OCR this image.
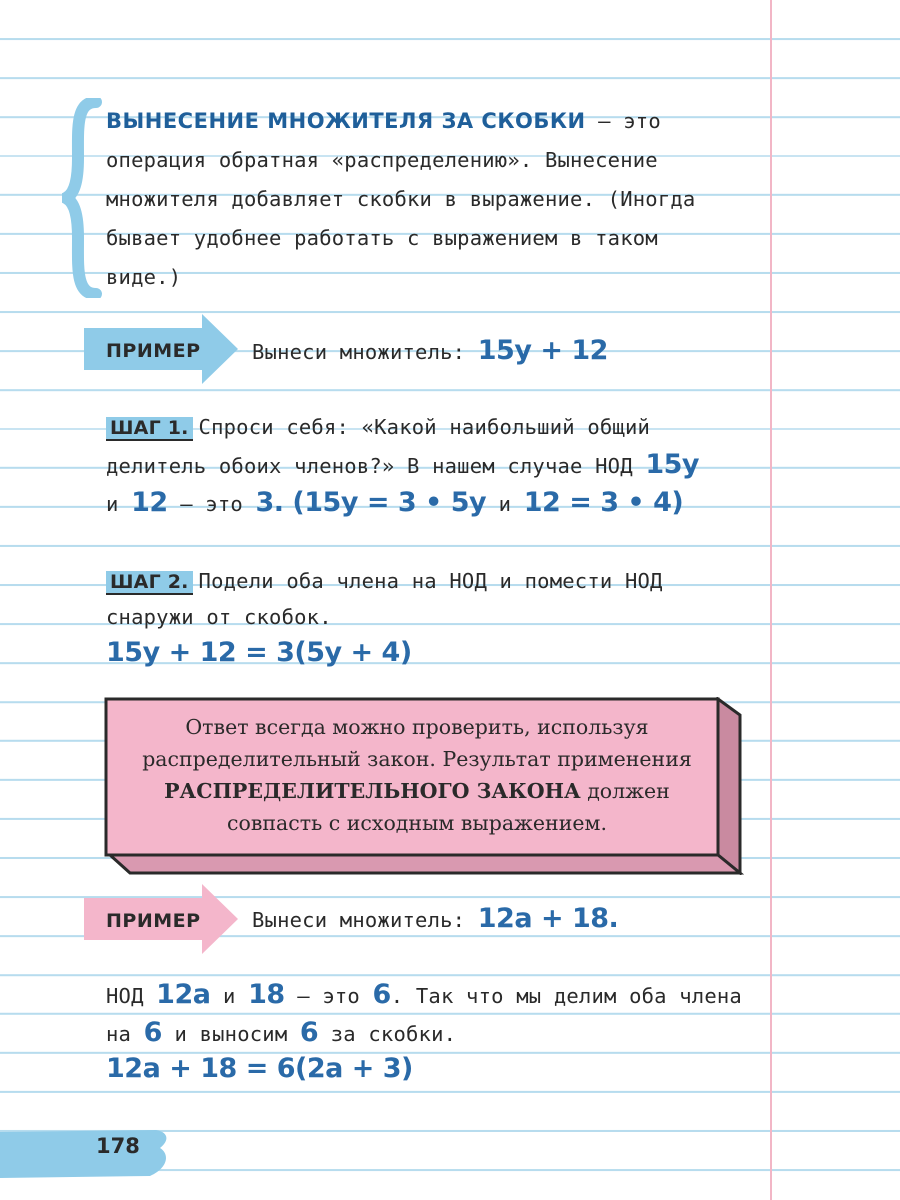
ВЫНЕСЕНИЕ МНОЖИТЕЛЯ ЗА СКОБКИ – это
операция обратная «распределению». Вынесение
множителя добавляет скобки в выражение. (Иногда
бывает удобнее работать с выражением в таком
виде.)
ПРИМЕР	Вынеси множитель: 15y + 12
ШАГ 1. Спроси себя: «Какой наибольший общий
делитель обоих членов?» В нашем случае НОД 15y
и 12 – это 3. (15y = 3 • 5y и 12 = 3 • 4)
ШАГ 2. Подели оба члена на НОД и помести НОД
снаружи от скобок.
15y + 12 = 3(5y + 4)
Ответ всегда можно проверить, используя
распределительный закон. Результат применения
РАСПРЕДЕЛИТЕЛЬНОГО ЗАКОНА должен
совпасть с исходным выражением.
ПРИМЕР	Вынеси множитель: 12a + 18.
НОД 12a и 18 – это 6. Так что мы делим оба члена
на 6 и выносим 6 за скобки.
12a + 18 = 6(2a + 3)
178
